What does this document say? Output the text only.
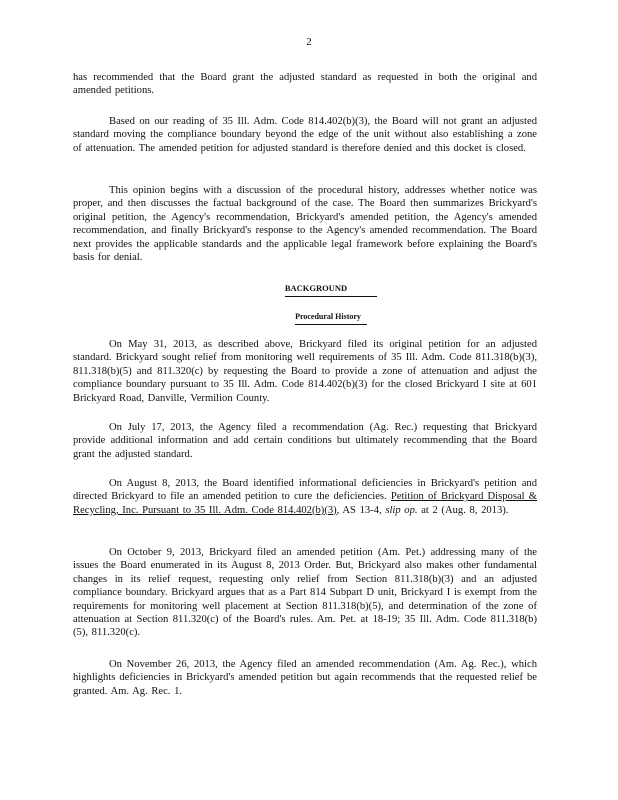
2

has recommended that the Board grant the adjusted standard as requested in both the original and amended petitions.

Based on our reading of 35 Ill. Adm. Code 814.402(b)(3), the Board will not grant an adjusted standard moving the compliance boundary beyond the edge of the unit without also establishing a zone of attenuation. The amended petition for adjusted standard is therefore denied and this docket is closed.

This opinion begins with a discussion of the procedural history, addresses whether notice was proper, and then discusses the factual background of the case. The Board then summarizes Brickyard's original petition, the Agency's recommendation, Brickyard's amended petition, the Agency's amended recommendation, and finally Brickyard's response to the Agency's amended recommendation. The Board next provides the applicable standards and the applicable legal framework before explaining the Board's basis for denial.

BACKGROUND
Procedural History

On May 31, 2013, as described above, Brickyard filed its original petition for an adjusted standard. Brickyard sought relief from monitoring well requirements of 35 Ill. Adm. Code 811.318(b)(3), 811.318(b)(5) and 811.320(c) by requesting the Board to provide a zone of attenuation and adjust the compliance boundary pursuant to 35 Ill. Adm. Code 814.402(b)(3) for the closed Brickyard I site at 601 Brickyard Road, Danville, Vermilion County.

On July 17, 2013, the Agency filed a recommendation (Ag. Rec.) requesting that Brickyard provide additional information and add certain conditions but ultimately recommending that the Board grant the adjusted standard.

On August 8, 2013, the Board identified informational deficiencies in Brickyard's petition and directed Brickyard to file an amended petition to cure the deficiencies. Petition of Brickyard Disposal & Recycling, Inc. Pursuant to 35 Ill. Adm. Code 814.402(b)(3), AS 13-4, slip op. at 2 (Aug. 8, 2013).

On October 9, 2013, Brickyard filed an amended petition (Am. Pet.) addressing many of the issues the Board enumerated in its August 8, 2013 Order. But, Brickyard also makes other fundamental changes in its relief request, requesting only relief from Section 811.318(b)(3) and an adjusted compliance boundary. Brickyard argues that as a Part 814 Subpart D unit, Brickyard I is exempt from the requirements for monitoring well placement at Section 811.318(b)(5), and determination of the zone of attenuation at Section 811.320(c) of the Board's rules. Am. Pet. at 18-19; 35 Ill. Adm. Code 811.318(b)(5), 811.320(c).

On November 26, 2013, the Agency filed an amended recommendation (Am. Ag. Rec.), which highlights deficiencies in Brickyard's amended petition but again recommends that the requested relief be granted. Am. Ag. Rec. 1.
